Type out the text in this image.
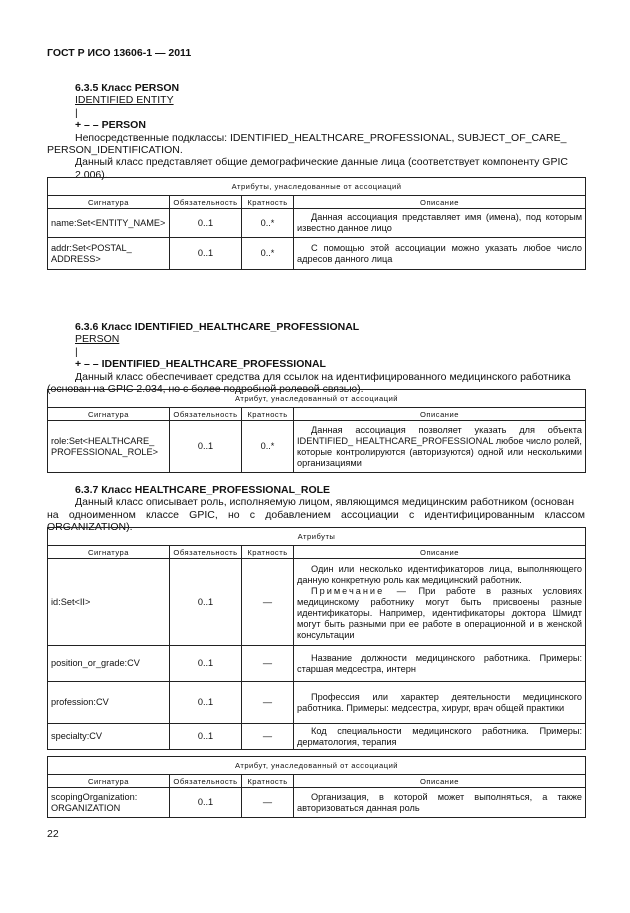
ГОСТ Р ИСО 13606-1 — 2011

6.3.5 Класс PERSON

IDENTIFIED ENTITY

|

+ – – PERSON

Непосредственные подклассы: IDENTIFIED_HEALTHCARE_PROFESSIONAL, SUBJECT_OF_CARE_
PERSON_IDENTIFICATION.

Данный класс представляет общие демографические данные лица (соответствует компоненту GPIC 2.006).

Атрибуты, унаследованные от ассоциаций			
Сигнатура	Обязательность	Кратность	Описание
name:Set<ENTITY_NAME>	0..1	0..*	Данная ассоциация представляет имя (имена), под которым известно данное лицо
addr:Set<POSTAL_
ADDRESS>	0..1	0..*	С помощью этой ассоциации можно указать любое число адресов данного лица

6.3.6 Класс IDENTIFIED_HEALTHCARE_PROFESSIONAL

PERSON

|

+ – – IDENTIFIED_HEALTHCARE_PROFESSIONAL

Данный класс обеспечивает средства для ссылок на идентифицированного медицинского работника
(основан на GPIC 2.034, но с более подробной ролевой связью).

Атрибут, унаследованный от ассоциаций			
Сигнатура	Обязательность	Кратность	Описание
role:Set<HEALTHCARE_
PROFESSIONAL_ROLE>	0..1	0..*	Данная ассоциация позволяет указать для объекта IDENTIFIED_ HEALTHCARE_PROFESSIONAL любое число ролей, которые контролируются (авторизуются) одной или несколькими организациями

6.3.7 Класс HEALTHCARE_PROFESSIONAL_ROLE

Данный класс описывает роль, исполняемую лицом, являющимся медицинским работником (основан
на одноименном классе GPIC, но с добавлением ассоциации с идентифицированным классом ORGANIZATION).

Атрибуты			
Сигнатура	Обязательность	Кратность	Описание
id:Set<II>	0..1	—	Один или несколько идентификаторов лица, выполняющего данную конкретную роль как медицинский работник.
Примечание — При работе в разных условиях медицинскому работнику могут быть присвоены разные идентификаторы. Например, идентификаторы доктора Шмидт могут быть разными при ее работе в операционной и в женской консультации

position_or_grade:CV	0..1	—	Название должности медицинского работника. Примеры: старшая медсестра, интерн
profession:CV	0..1	—	Профессия или характер деятельности медицинского работника. Примеры: медсестра, хирург, врач общей практики
specialty:CV	0..1	—	Код специальности медицинского работника. Примеры: дерматология, терапия
Атрибут, унаследованный от ассоциаций			
Сигнатура	Обязательность	Кратность	Описание
scopingOrganization:
ORGANIZATION	0..1	—	Организация, в которой может выполняться, а также авторизоваться данная роль
22
